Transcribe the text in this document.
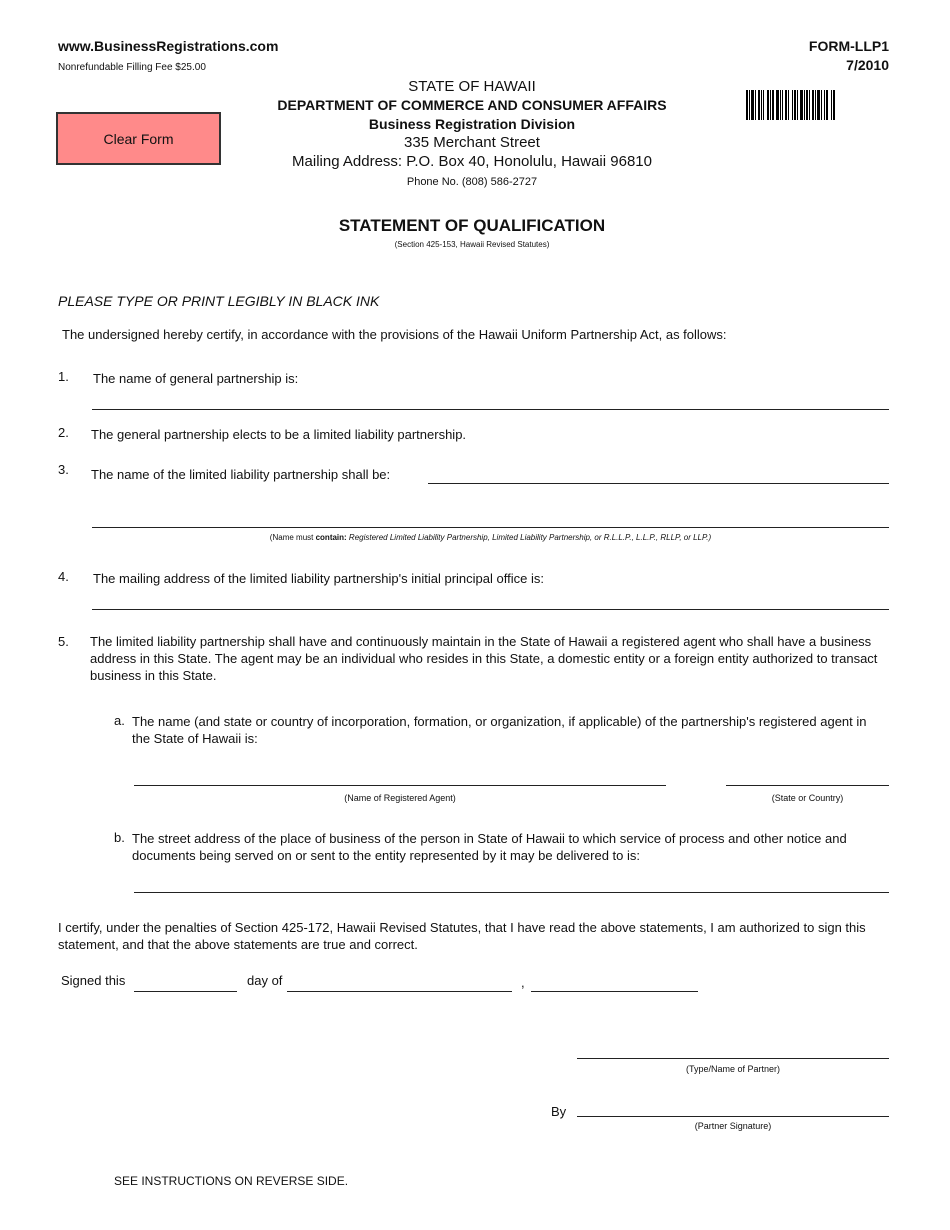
www.BusinessRegistrations.com
Nonrefundable Filling Fee $25.00
FORM-LLP1
7/2010
Clear Form
STATE OF HAWAII
DEPARTMENT OF COMMERCE AND CONSUMER AFFAIRS
Business Registration Division
335 Merchant Street
Mailing Address: P.O. Box 40, Honolulu, Hawaii 96810
Phone No. (808) 586-2727
STATEMENT OF QUALIFICATION
(Section 425-153, Hawaii Revised Statutes)
PLEASE TYPE OR PRINT LEGIBLY IN BLACK INK
The undersigned hereby certify, in accordance with the provisions of the Hawaii Uniform Partnership Act, as follows:
1. The name of general partnership is:
2. The general partnership elects to be a limited liability partnership.
3. The name of the limited liability partnership shall be:
(Name must contain: Registered Limited Liability Partnership, Limited Liability Partnership, or R.L.L.P., L.L.P., RLLP, or LLP.)
4. The mailing address of the limited liability partnership's initial principal office is:
5. The limited liability partnership shall have and continuously maintain in the State of Hawaii a registered agent who shall have a business address in this State. The agent may be an individual who resides in this State, a domestic entity or a foreign entity authorized to transact business in this State.
a. The name (and state or country of incorporation, formation, or organization, if applicable) of the partnership's registered agent in the State of Hawaii is:
(Name of Registered Agent)	(State or Country)
b. The street address of the place of business of the person in State of Hawaii to which service of process and other notice and documents being served on or sent to the entity represented by it may be delivered to is:
I certify, under the penalties of Section 425-172, Hawaii Revised Statutes, that I have read the above statements, I am authorized to sign this statement, and that the above statements are true and correct.
Signed this	day of	,
(Type/Name of Partner)
By
(Partner Signature)
SEE INSTRUCTIONS ON REVERSE SIDE.
